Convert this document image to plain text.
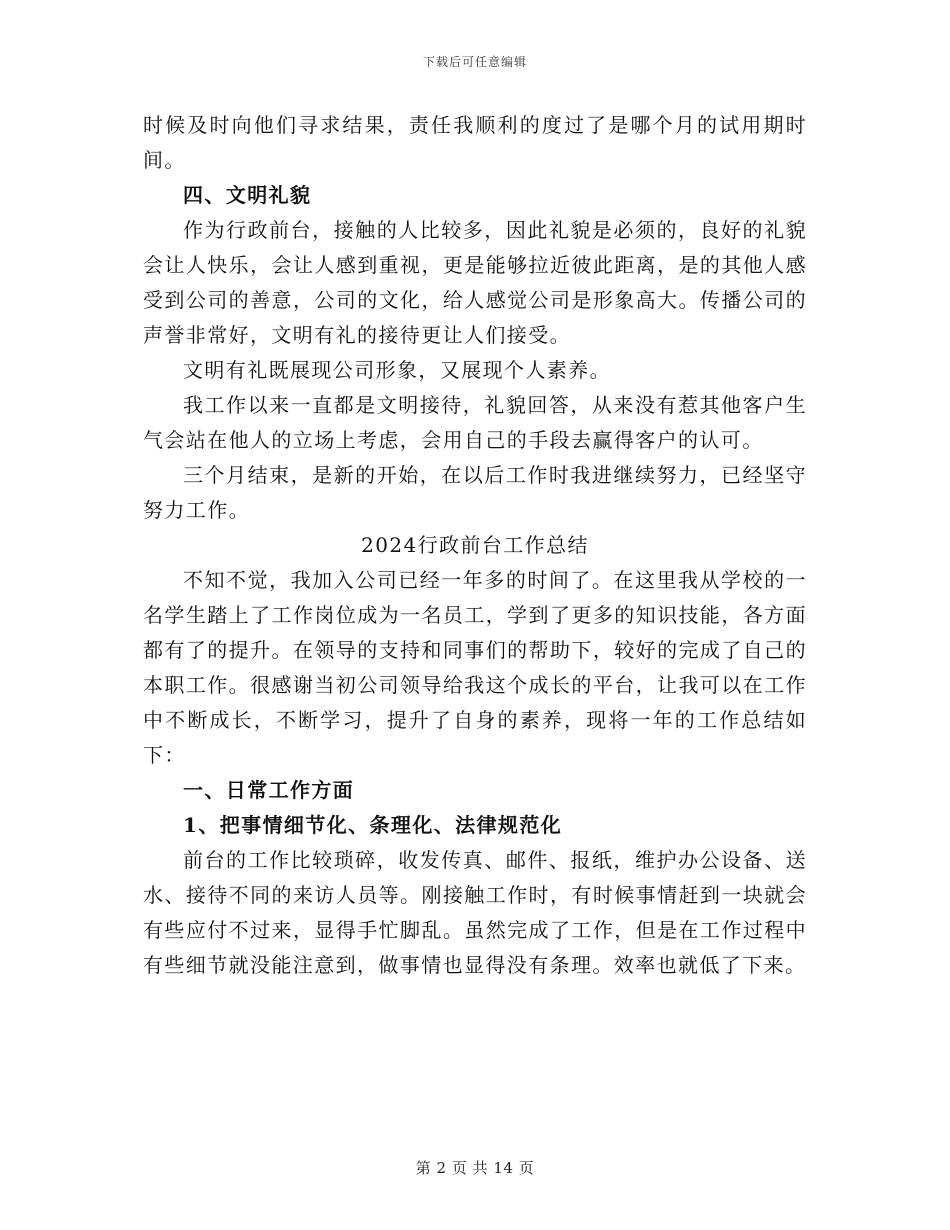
下载后可任意编辑

时候及时向他们寻求结果，责任我顺利的度过了是哪个月的试用期时间。

四、文明礼貌

作为行政前台，接触的人比较多，因此礼貌是必须的，良好的礼貌会让人快乐，会让人感到重视，更是能够拉近彼此距离，是的其他人感受到公司的善意，公司的文化，给人感觉公司是形象高大。传播公司的声誉非常好，文明有礼的接待更让人们接受。

文明有礼既展现公司形象，又展现个人素养。

我工作以来一直都是文明接待，礼貌回答，从来没有惹其他客户生气会站在他人的立场上考虑，会用自己的手段去赢得客户的认可。

三个月结束，是新的开始，在以后工作时我进继续努力，已经坚守努力工作。

2024行政前台工作总结

不知不觉，我加入公司已经一年多的时间了。在这里我从学校的一名学生踏上了工作岗位成为一名员工，学到了更多的知识技能，各方面都有了的提升。在领导的支持和同事们的帮助下，较好的完成了自己的本职工作。很感谢当初公司领导给我这个成长的平台，让我可以在工作中不断成长，不断学习，提升了自身的素养，现将一年的工作总结如下：

一、日常工作方面

1、把事情细节化、条理化、法律规范化

前台的工作比较琐碎，收发传真、邮件、报纸，维护办公设备、送水、接待不同的来访人员等。刚接触工作时，有时候事情赶到一块就会有些应付不过来，显得手忙脚乱。虽然完成了工作，但是在工作过程中有些细节就没能注意到，做事情也显得没有条理。效率也就低了下来。

第 2 页 共 14 页
